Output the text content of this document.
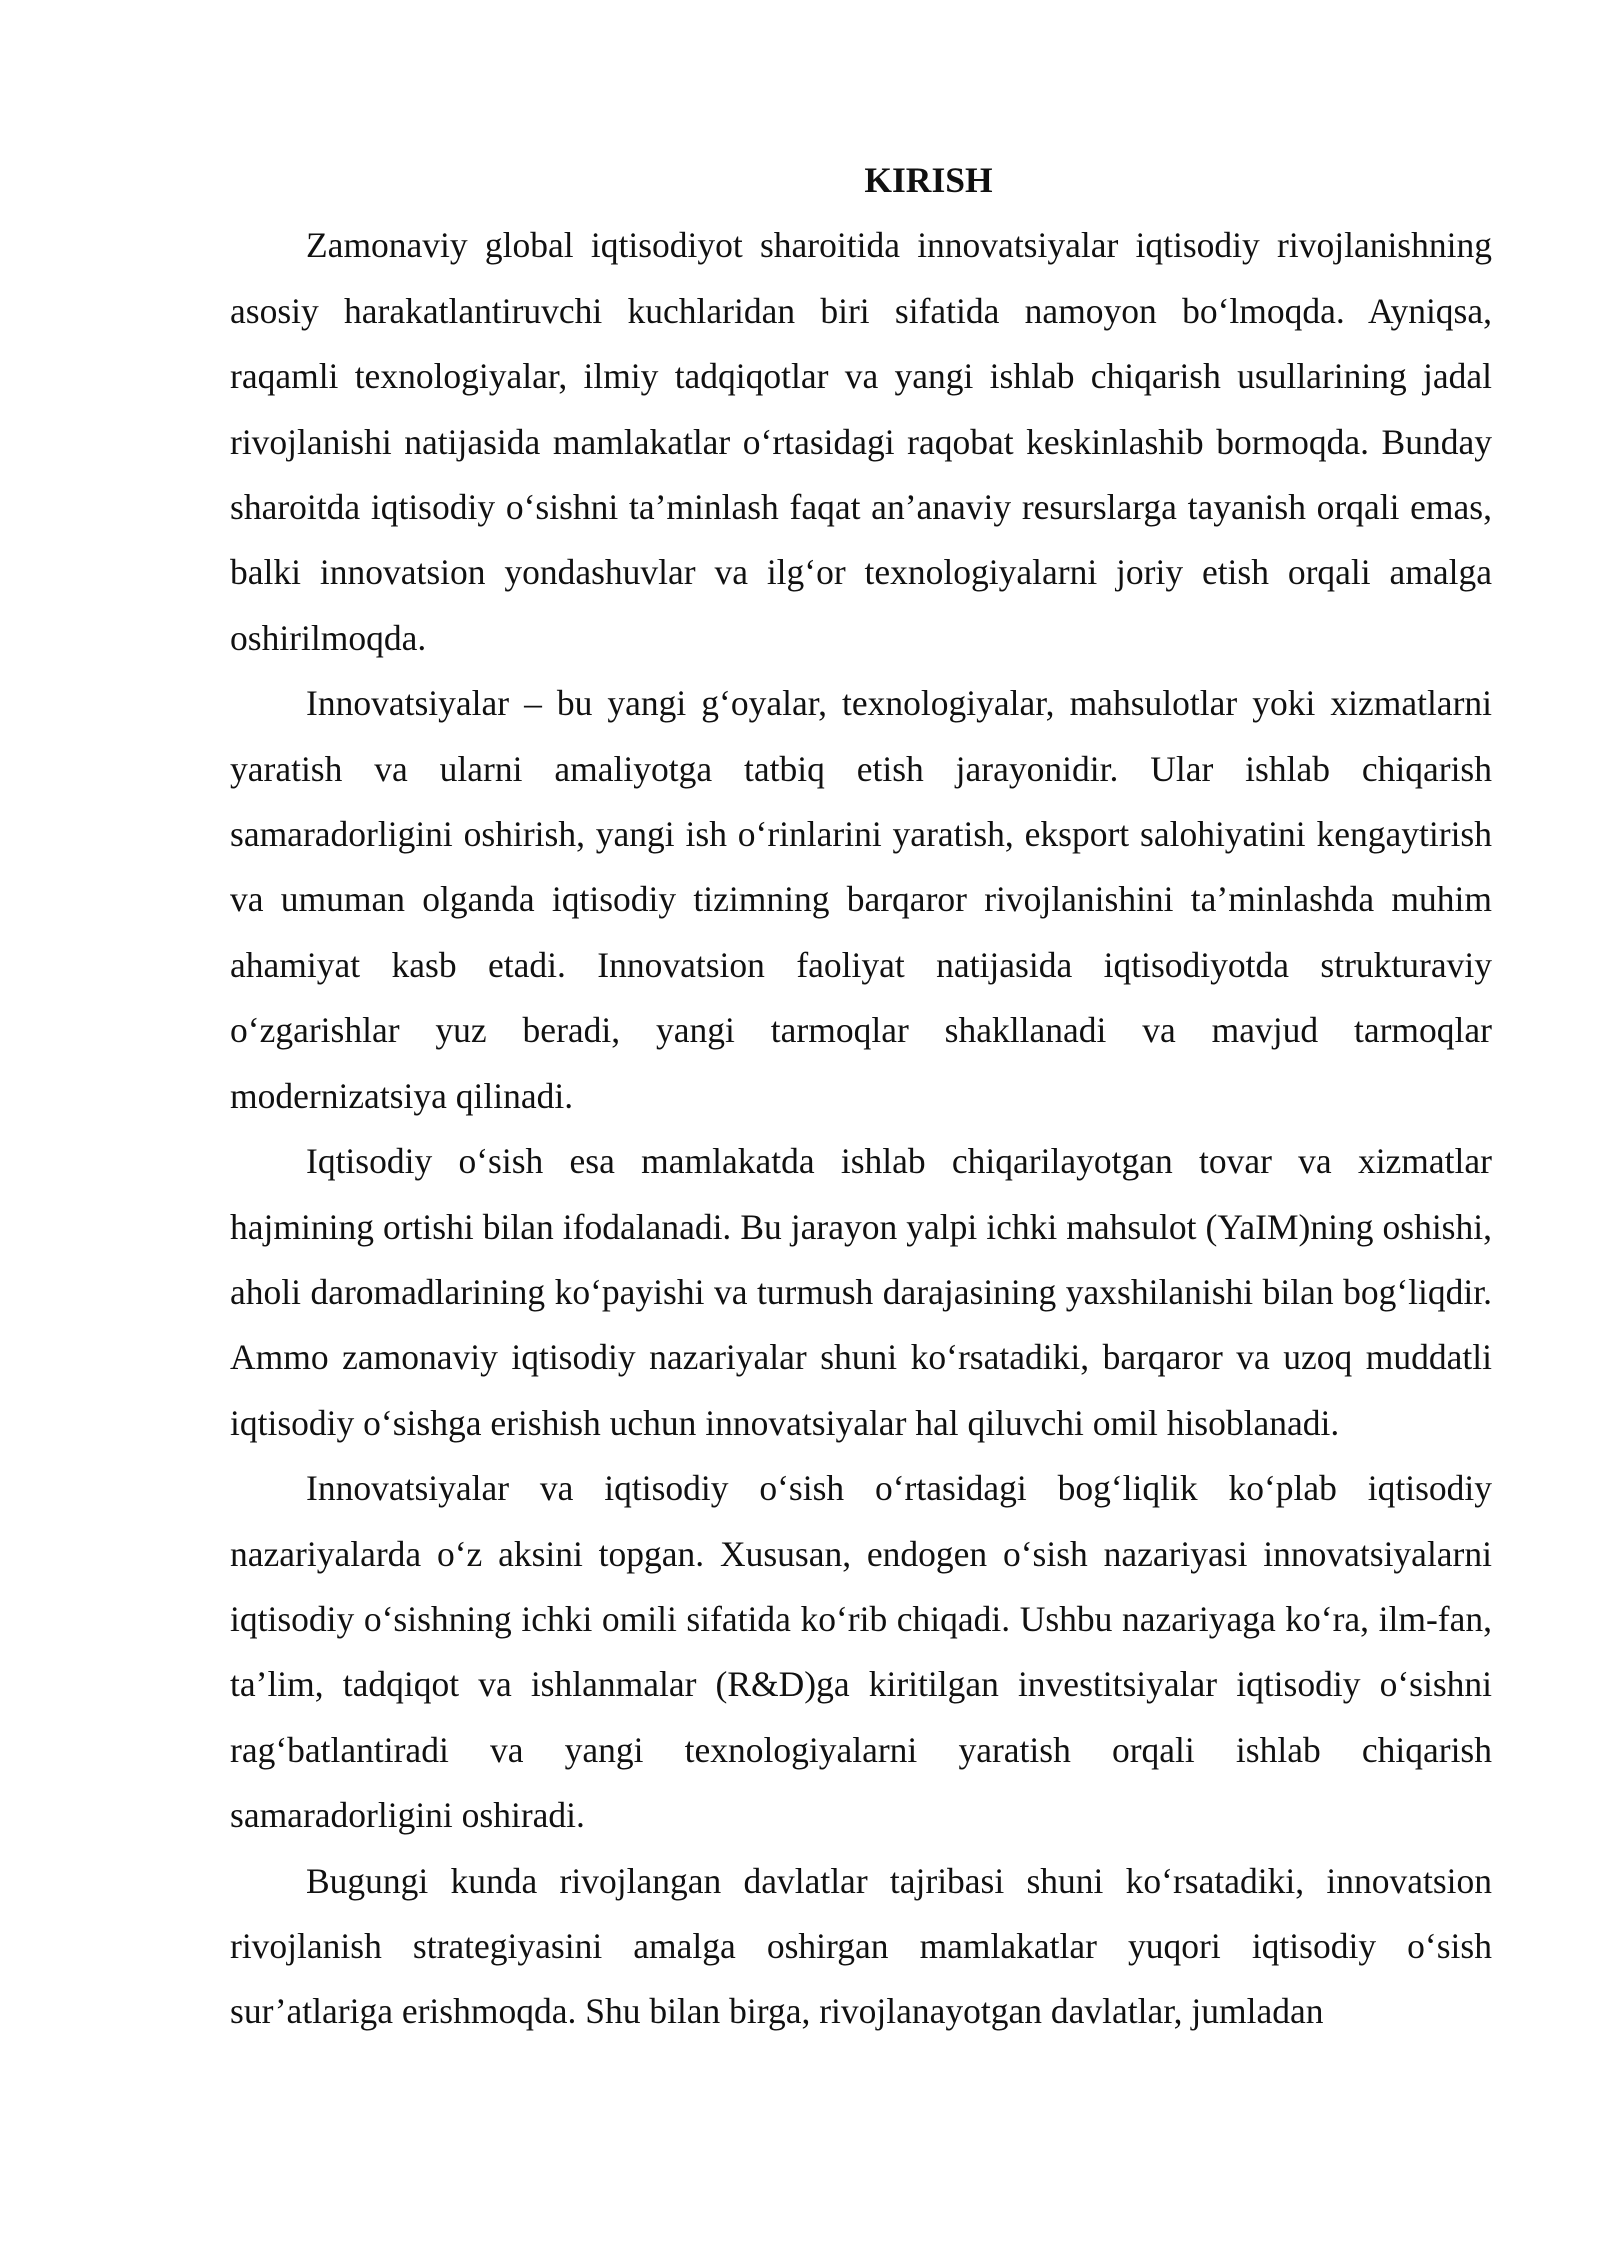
KIRISH

Zamonaviy global iqtisodiyot sharoitida innovatsiyalar iqtisodiy rivojlanishning asosiy harakatlantiruvchi kuchlaridan biri sifatida namoyon bo‘lmoqda. Ayniqsa, raqamli texnologiyalar, ilmiy tadqiqotlar va yangi ishlab chiqarish usullarining jadal rivojlanishi natijasida mamlakatlar o‘rtasidagi raqobat keskinlashib bormoqda. Bunday sharoitda iqtisodiy o‘sishni ta’minlash faqat an’anaviy resurslarga tayanish orqali emas, balki innovatsion yondashuvlar va ilg‘or texnologiyalarni joriy etish orqali amalga oshirilmoqda.

Innovatsiyalar – bu yangi g‘oyalar, texnologiyalar, mahsulotlar yoki xizmatlarni yaratish va ularni amaliyotga tatbiq etish jarayonidir. Ular ishlab chiqarish samaradorligini oshirish, yangi ish o‘rinlarini yaratish, eksport salohiyatini kengaytirish va umuman olganda iqtisodiy tizimning barqaror rivojlanishini ta’minlashda muhim ahamiyat kasb etadi. Innovatsion faoliyat natijasida iqtisodiyotda strukturaviy o‘zgarishlar yuz beradi, yangi tarmoqlar shakllanadi va mavjud tarmoqlar modernizatsiya qilinadi.

Iqtisodiy o‘sish esa mamlakatda ishlab chiqarilayotgan tovar va xizmatlar hajmining ortishi bilan ifodalanadi. Bu jarayon yalpi ichki mahsulot (YaIM)ning oshishi, aholi daromadlarining ko‘payishi va turmush darajasining yaxshilanishi bilan bog‘liqdir. Ammo zamonaviy iqtisodiy nazariyalar shuni ko‘rsatadiki, barqaror va uzoq muddatli iqtisodiy o‘sishga erishish uchun innovatsiyalar hal qiluvchi omil hisoblanadi.

Innovatsiyalar va iqtisodiy o‘sish o‘rtasidagi bog‘liqlik ko‘plab iqtisodiy nazariyalarda o‘z aksini topgan. Xususan, endogen o‘sish nazariyasi innovatsiyalarni iqtisodiy o‘sishning ichki omili sifatida ko‘rib chiqadi. Ushbu nazariyaga ko‘ra, ilm-fan, ta’lim, tadqiqot va ishlanmalar (R&D)ga kiritilgan investitsiyalar iqtisodiy o‘sishni rag‘batlantiradi va yangi texnologiyalarni yaratish orqali ishlab chiqarish samaradorligini oshiradi.

Bugungi kunda rivojlangan davlatlar tajribasi shuni ko‘rsatadiki, innovatsion rivojlanish strategiyasini amalga oshirgan mamlakatlar yuqori iqtisodiy o‘sish sur’atlariga erishmoqda. Shu bilan birga, rivojlanayotgan davlatlar, jumladan
